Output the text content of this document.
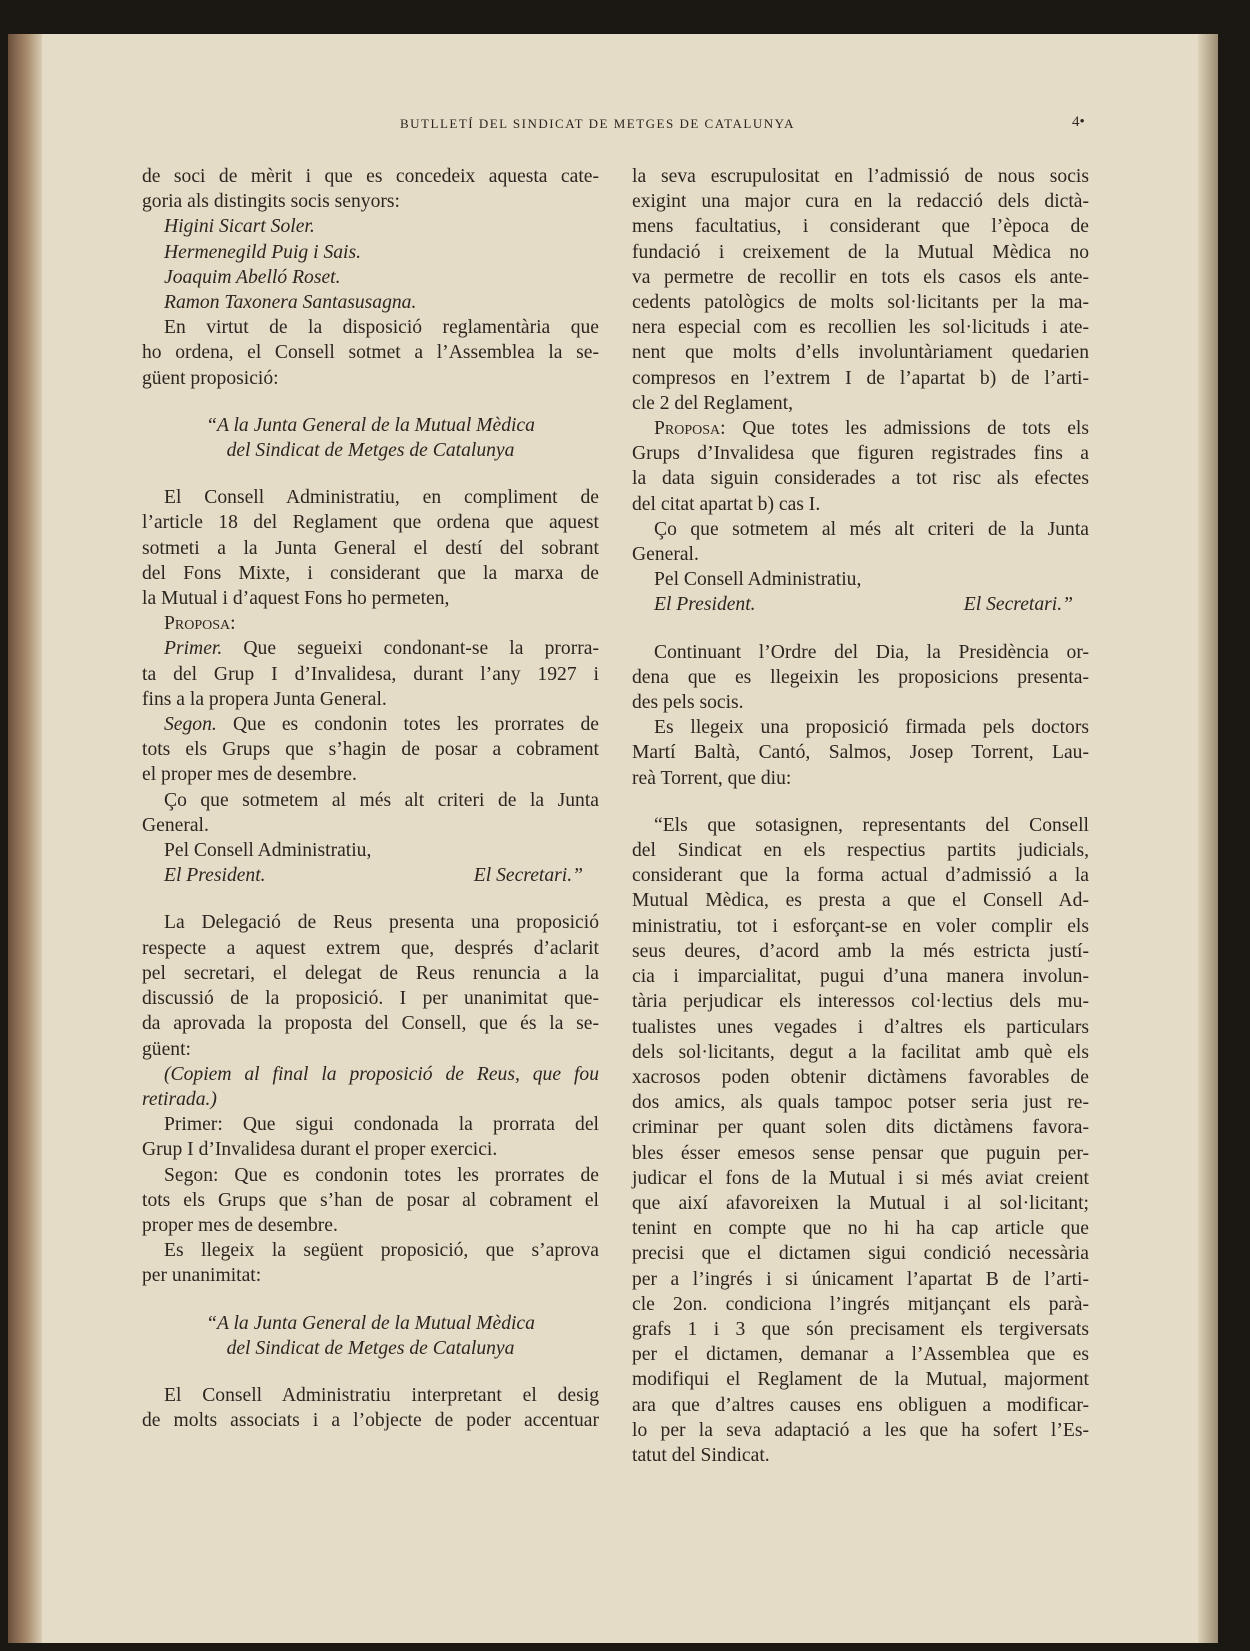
BUTLLETÍ DEL SINDICAT DE METGES DE CATALUNYA	4•

de soci de mèrit i que es concedeix aquesta cate-

goria als distingits socis senyors:

Higini Sicart Soler.

Hermenegild Puig i Sais.

Joaquim Abelló Roset.

Ramon Taxonera Santasusagna.

En virtut de la disposició reglamentària que

ho ordena, el Consell sotmet a l’Assemblea la se-

güent proposició:

“A la Junta General de la Mutual Mèdica

del Sindicat de Metges de Catalunya

El Consell Administratiu, en compliment de

l’article 18 del Reglament que ordena que aquest

sotmeti a la Junta General el destí del sobrant

del Fons Mixte, i considerant que la marxa de

la Mutual i d’aquest Fons ho permeten,

Proposa:

Primer. Que segueixi condonant-se la prorra-

ta del Grup I d’Invalidesa, durant l’any 1927 i

fins a la propera Junta General.

Segon. Que es condonin totes les prorrates de

tots els Grups que s’hagin de posar a cobrament

el proper mes de desembre.

Ço que sotmetem al més alt criteri de la Junta

General.

Pel Consell Administratiu,

El President.	El Secretari.”

La Delegació de Reus presenta una proposició

respecte a aquest extrem que, després d’aclarit

pel secretari, el delegat de Reus renuncia a la

discussió de la proposició. I per unanimitat que-

da aprovada la proposta del Consell, que és la se-

güent:

(Copiem al final la proposició de Reus, que fou

retirada.)

Primer: Que sigui condonada la prorrata del

Grup I d’Invalidesa durant el proper exercici.

Segon: Que es condonin totes les prorrates de

tots els Grups que s’han de posar al cobrament el

proper mes de desembre.

Es llegeix la següent proposició, que s’aprova

per unanimitat:

“A la Junta General de la Mutual Mèdica

del Sindicat de Metges de Catalunya

El Consell Administratiu interpretant el desig

de molts associats i a l’objecte de poder accentuar

la seva escrupulositat en l’admissió de nous socis

exigint una major cura en la redacció dels dictà-

mens facultatius, i considerant que l’època de

fundació i creixement de la Mutual Mèdica no

va permetre de recollir en tots els casos els ante-

cedents patològics de molts sol·licitants per la ma-

nera especial com es recollien les sol·licituds i ate-

nent que molts d’ells involuntàriament quedarien

compresos en l’extrem I de l’apartat b) de l’arti-

cle 2 del Reglament,

Proposa: Que totes les admissions de tots els

Grups d’Invalidesa que figuren registrades fins a

la data siguin considerades a tot risc als efectes

del citat apartat b) cas I.

Ço que sotmetem al més alt criteri de la Junta

General.

Pel Consell Administratiu,

El President.	El Secretari.”

Continuant l’Ordre del Dia, la Presidència or-

dena que es llegeixin les proposicions presenta-

des pels socis.

Es llegeix una proposició firmada pels doctors

Martí Baltà, Cantó, Salmos, Josep Torrent, Lau-

reà Torrent, que diu:

“Els que sotasignen, representants del Consell

del Sindicat en els respectius partits judicials,

considerant que la forma actual d’admissió a la

Mutual Mèdica, es presta a que el Consell Ad-

ministratiu, tot i esforçant-se en voler complir els

seus deures, d’acord amb la més estricta justí-

cia i imparcialitat, pugui d’una manera involun-

tària perjudicar els interessos col·lectius dels mu-

tualistes unes vegades i d’altres els particulars

dels sol·licitants, degut a la facilitat amb què els

xacrosos poden obtenir dictàmens favorables de

dos amics, als quals tampoc potser seria just re-

criminar per quant solen dits dictàmens favora-

bles ésser emesos sense pensar que puguin per-

judicar el fons de la Mutual i si més aviat creient

que així afavoreixen la Mutual i al sol·licitant;

tenint en compte que no hi ha cap article que

precisi que el dictamen sigui condició necessària

per a l’ingrés i si únicament l’apartat B de l’arti-

cle 2on. condiciona l’ingrés mitjançant els parà-

grafs 1 i 3 que són precisament els tergiversats

per el dictamen, demanar a l’Assemblea que es

modifiqui el Reglament de la Mutual, majorment

ara que d’altres causes ens obliguen a modificar-

lo per la seva adaptació a les que ha sofert l’Es-

tatut del Sindicat.
